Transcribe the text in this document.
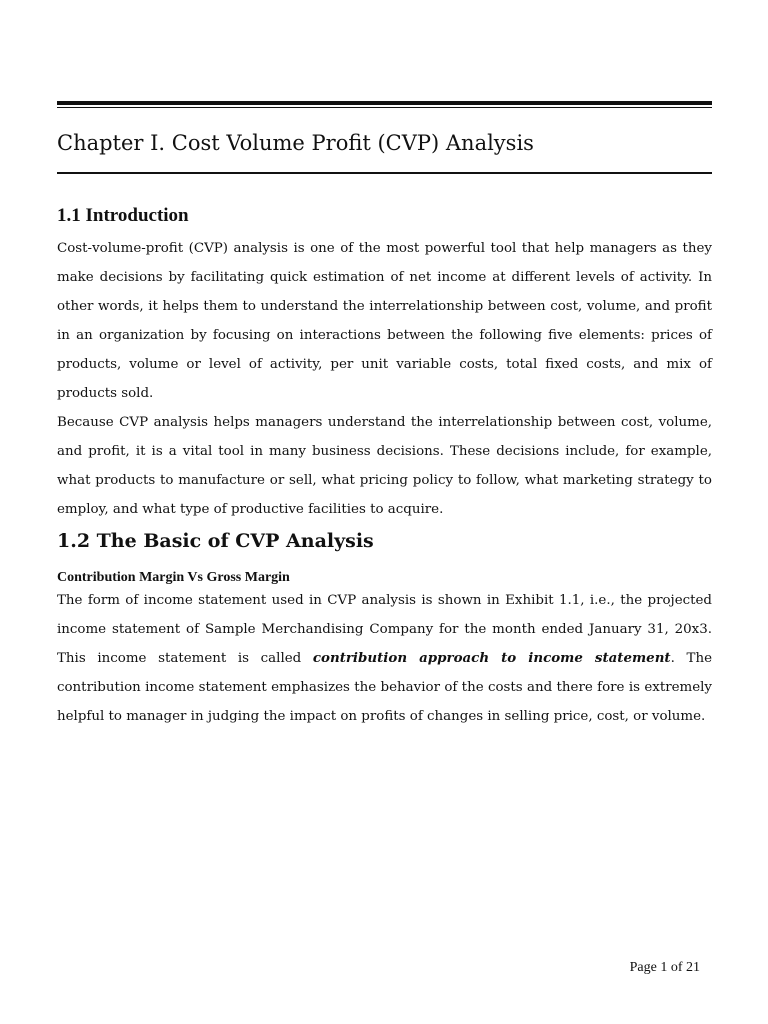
Chapter I. Cost Volume Profit (CVP) Analysis
1.1 Introduction

Cost-volume-profit (CVP) analysis is one of the most powerful tool that help managers as they make decisions by facilitating quick estimation of net income at different levels of activity. In other words, it helps them to understand the interrelationship between cost, volume, and profit in an organization by focusing on interactions between the following five elements: prices of products, volume or level of activity, per unit variable costs, total fixed costs, and mix of products sold.

Because CVP analysis helps managers understand the interrelationship between cost, volume, and profit, it is a vital tool in many business decisions. These decisions include, for example, what products to manufacture or sell, what pricing policy to follow, what marketing strategy to employ, and what type of productive facilities to acquire.

1.2 The Basic of CVP Analysis
Contribution Margin Vs Gross Margin

The form of income statement used in CVP analysis is shown in Exhibit 1.1, i.e., the projected income statement of Sample Merchandising Company for the month ended January 31, 20x3. This income statement is called contribution approach to income statement. The contribution income statement emphasizes the behavior of the costs and there fore is extremely helpful to manager in judging the impact on profits of changes in selling price, cost, or volume.

Page 1 of 21
